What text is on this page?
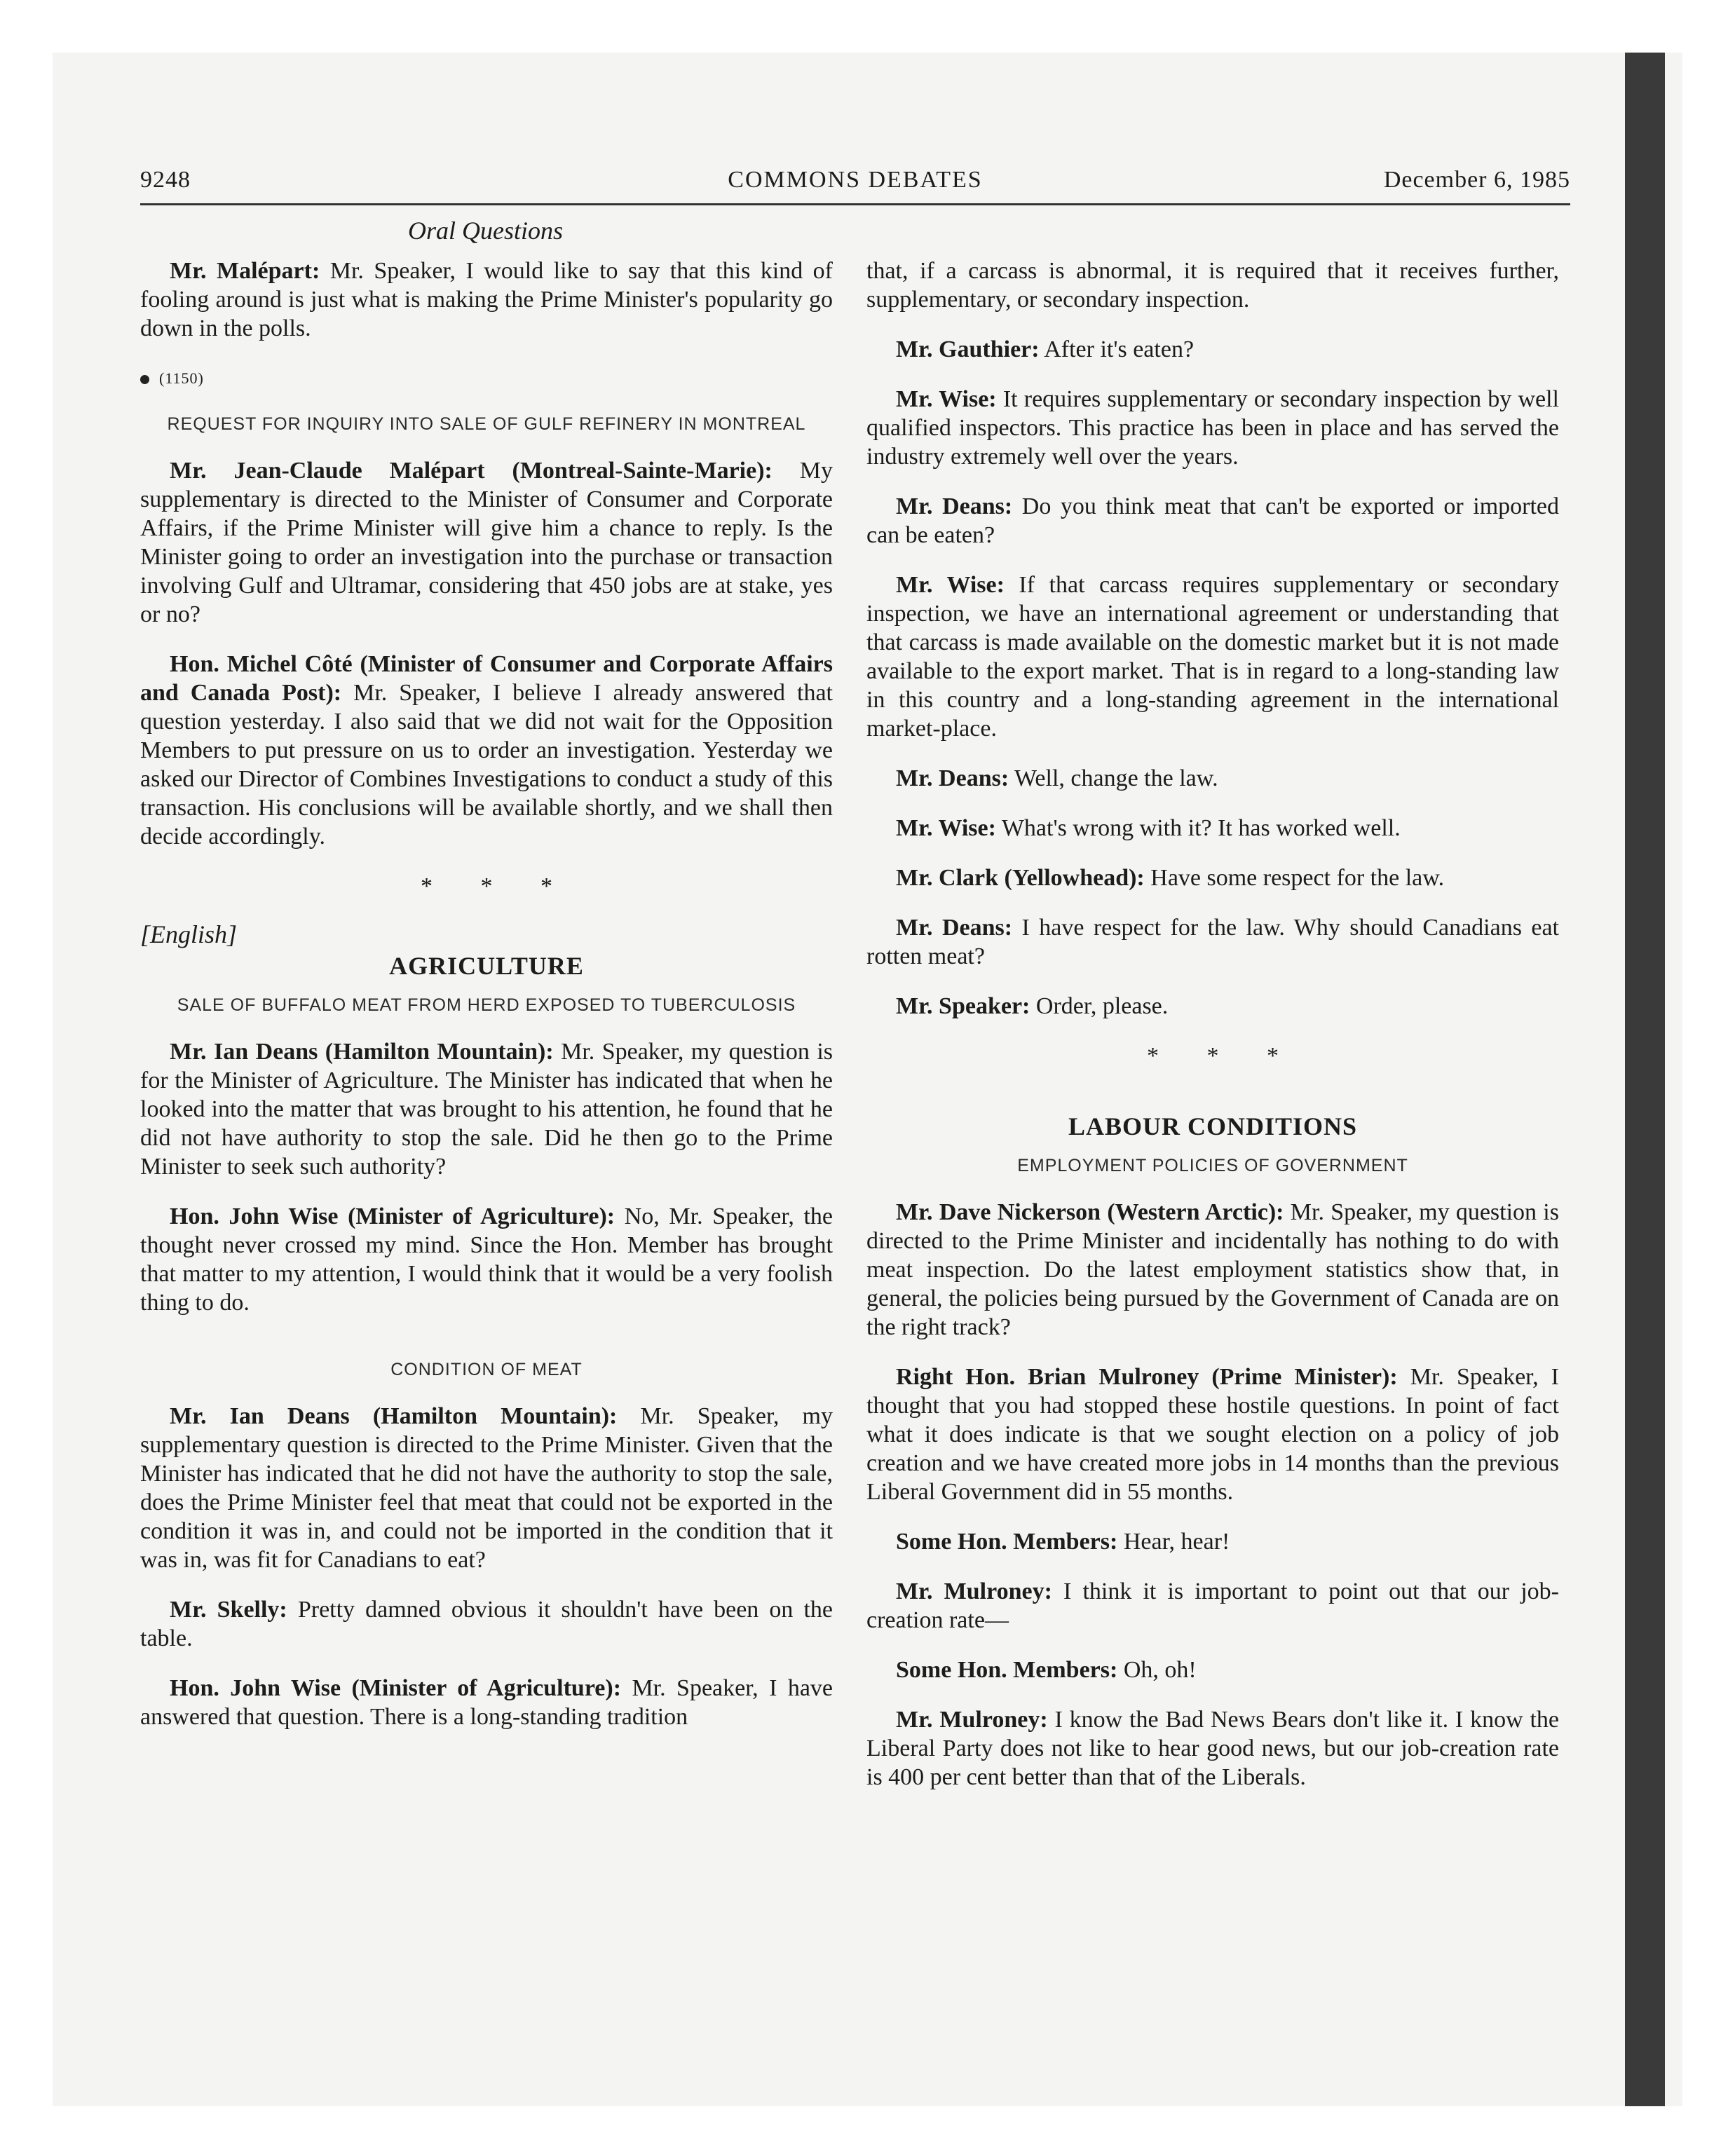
9248	COMMONS DEBATES	December 6, 1985
Oral Questions

Mr. Malépart: Mr. Speaker, I would like to say that this kind of fooling around is just what is making the Prime Minister's popularity go down in the polls.

(1150)
REQUEST FOR INQUIRY INTO SALE OF GULF REFINERY IN MONTREAL

Mr. Jean-Claude Malépart (Montreal-Sainte-Marie): My supplementary is directed to the Minister of Consumer and Corporate Affairs, if the Prime Minister will give him a chance to reply. Is the Minister going to order an investigation into the purchase or transaction involving Gulf and Ultramar, considering that 450 jobs are at stake, yes or no?

Hon. Michel Côté (Minister of Consumer and Corporate Affairs and Canada Post): Mr. Speaker, I believe I already answered that question yesterday. I also said that we did not wait for the Opposition Members to put pressure on us to order an investigation. Yesterday we asked our Director of Combines Investigations to conduct a study of this transaction. His conclusions will be available shortly, and we shall then decide accordingly.

* * *
[English]
AGRICULTURE
SALE OF BUFFALO MEAT FROM HERD EXPOSED TO TUBERCULOSIS

Mr. Ian Deans (Hamilton Mountain): Mr. Speaker, my question is for the Minister of Agriculture. The Minister has indicated that when he looked into the matter that was brought to his attention, he found that he did not have authority to stop the sale. Did he then go to the Prime Minister to seek such authority?

Hon. John Wise (Minister of Agriculture): No, Mr. Speaker, the thought never crossed my mind. Since the Hon. Member has brought that matter to my attention, I would think that it would be a very foolish thing to do.

CONDITION OF MEAT

Mr. Ian Deans (Hamilton Mountain): Mr. Speaker, my supplementary question is directed to the Prime Minister. Given that the Minister has indicated that he did not have the authority to stop the sale, does the Prime Minister feel that meat that could not be exported in the condition it was in, and could not be imported in the condition that it was in, was fit for Canadians to eat?

Mr. Skelly: Pretty damned obvious it shouldn't have been on the table.

Hon. John Wise (Minister of Agriculture): Mr. Speaker, I have answered that question. There is a long-standing tradition

that, if a carcass is abnormal, it is required that it receives further, supplementary, or secondary inspection.

Mr. Gauthier: After it's eaten?

Mr. Wise: It requires supplementary or secondary inspection by well qualified inspectors. This practice has been in place and has served the industry extremely well over the years.

Mr. Deans: Do you think meat that can't be exported or imported can be eaten?

Mr. Wise: If that carcass requires supplementary or secondary inspection, we have an international agreement or understanding that that carcass is made available on the domestic market but it is not made available to the export market. That is in regard to a long-standing law in this country and a long-standing agreement in the international market-place.

Mr. Deans: Well, change the law.

Mr. Wise: What's wrong with it? It has worked well.

Mr. Clark (Yellowhead): Have some respect for the law.

Mr. Deans: I have respect for the law. Why should Canadians eat rotten meat?

Mr. Speaker: Order, please.

* * *
LABOUR CONDITIONS
EMPLOYMENT POLICIES OF GOVERNMENT

Mr. Dave Nickerson (Western Arctic): Mr. Speaker, my question is directed to the Prime Minister and incidentally has nothing to do with meat inspection. Do the latest employment statistics show that, in general, the policies being pursued by the Government of Canada are on the right track?

Right Hon. Brian Mulroney (Prime Minister): Mr. Speaker, I thought that you had stopped these hostile questions. In point of fact what it does indicate is that we sought election on a policy of job creation and we have created more jobs in 14 months than the previous Liberal Government did in 55 months.

Some Hon. Members: Hear, hear!

Mr. Mulroney: I think it is important to point out that our job-creation rate—

Some Hon. Members: Oh, oh!

Mr. Mulroney: I know the Bad News Bears don't like it. I know the Liberal Party does not like to hear good news, but our job-creation rate is 400 per cent better than that of the Liberals.
